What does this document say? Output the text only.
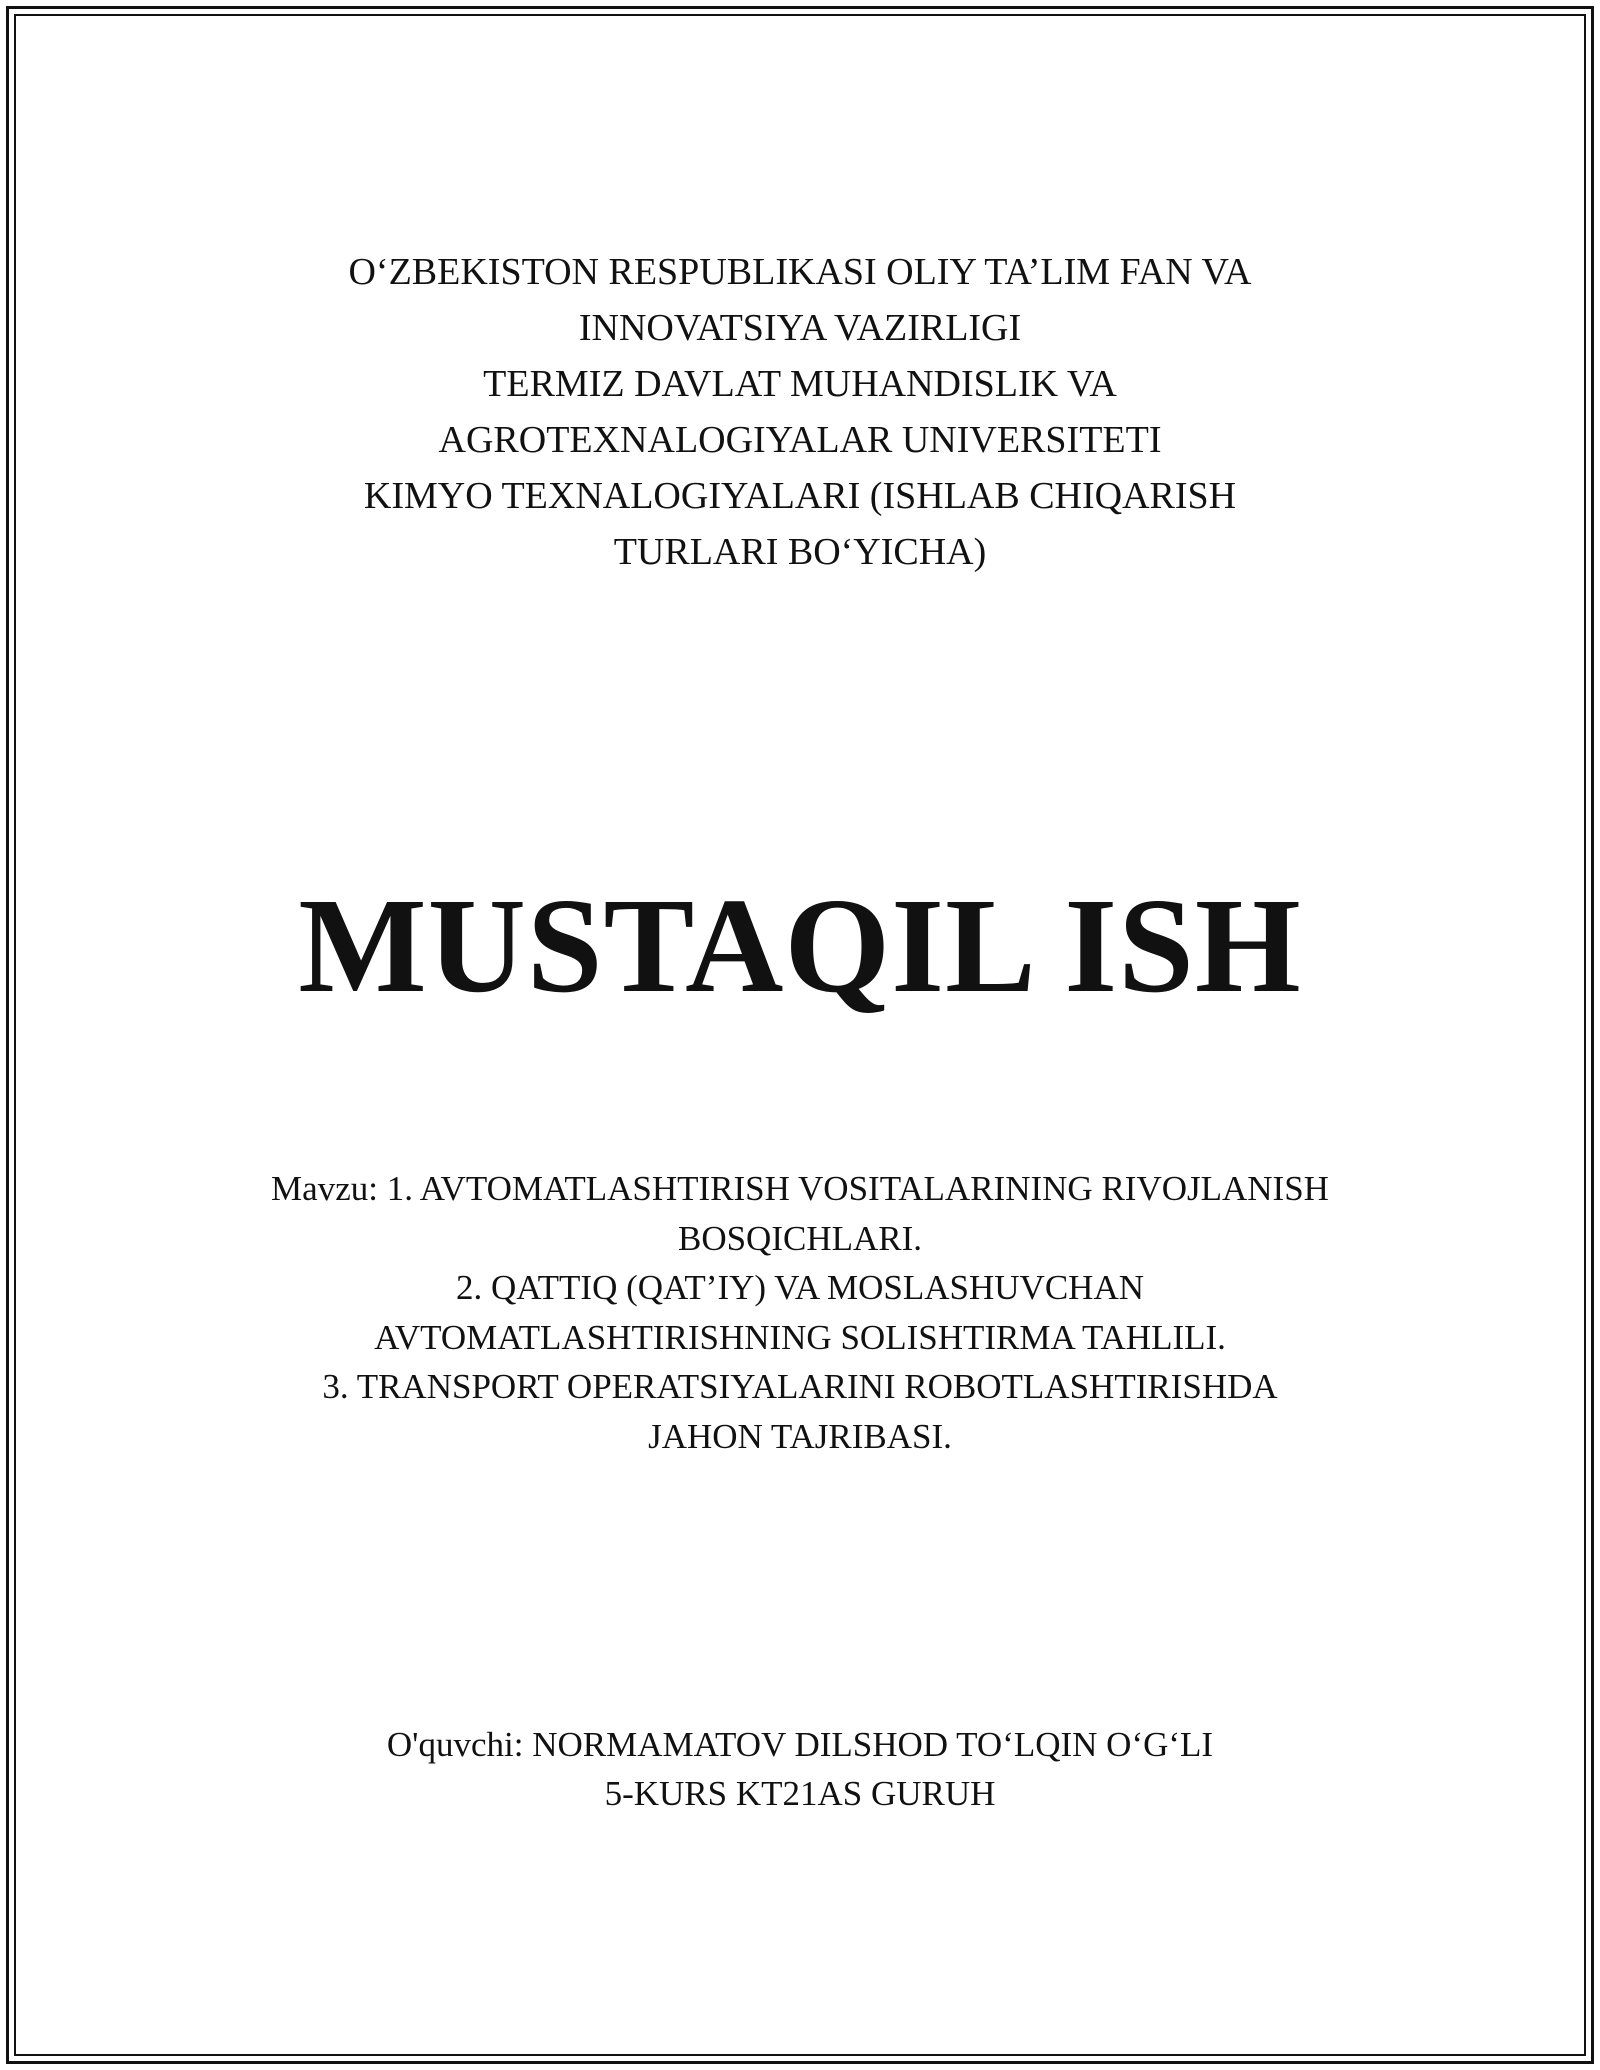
O‘ZBEKISTON RESPUBLIKASI OLIY TA’LIM FAN VA
INNOVATSIYA VAZIRLIGI
TERMIZ DAVLAT MUHANDISLIK VA
AGROTEXNALOGIYALAR UNIVERSITETI
KIMYO TEXNALOGIYALARI (ISHLAB CHIQARISH
TURLARI BO‘YICHA)
MUSTAQIL ISH
Mavzu: 1. AVTOMATLASHTIRISH VOSITALARINING RIVOJLANISH
BOSQICHLARI.
2. QATTIQ (QAT’IY) VA MOSLASHUVCHAN
AVTOMATLASHTIRISHNING SOLISHTIRMA TAHLILI.
3. TRANSPORT OPERATSIYALARINI ROBOTLASHTIRISHDA
JAHON TAJRIBASI.
O'quvchi: NORMAMATOV DILSHOD TO‘LQIN O‘G‘LI
5-KURS KT21AS GURUH
